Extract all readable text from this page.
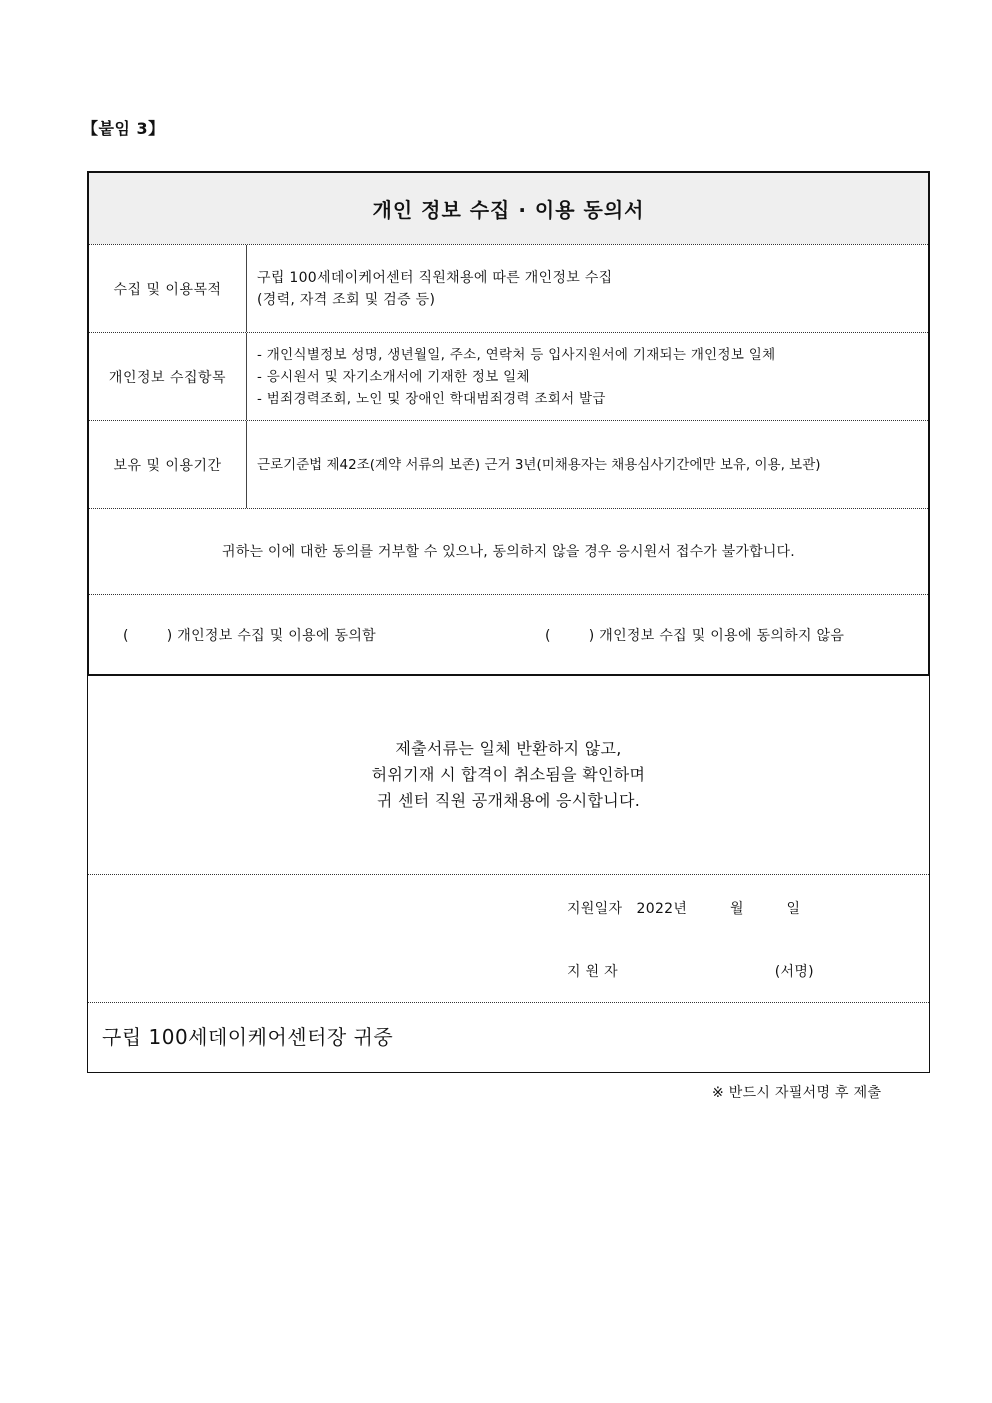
【붙임 3】
개인 정보 수집 · 이용 동의서
수집 및 이용목적
구립 100세데이케어센터 직원채용에 따른 개인정보 수집
(경력, 자격 조회 및 검증 등)
개인정보 수집항목
- 개인식별정보 성명, 생년월일, 주소, 연락처 등 입사지원서에 기재되는 개인정보 일체
- 응시원서 및 자기소개서에 기재한 정보 일체
- 범죄경력조회, 노인 및 장애인 학대범죄경력 조회서 발급
보유 및 이용기간	근로기준법 제42조(계약 서류의 보존) 근거 3년(미채용자는 채용심사기간에만 보유, 이용, 보관)
귀하는 이에 대한 동의를 거부할 수 있으나, 동의하지 않을 경우 응시원서 접수가 불가합니다.
(        ) 개인정보 수집 및 이용에 동의함	(        ) 개인정보 수집 및 이용에 동의하지 않음
제출서류는 일체 반환하지 않고,
허위기재 시 합격이 취소됨을 확인하며
귀 센터 직원 공개채용에 응시합니다.
지원일자   2022년         월         일
지 원 자                                 (서명)
구립 100세데이케어센터장 귀중
※ 반드시 자필서명 후 제출
